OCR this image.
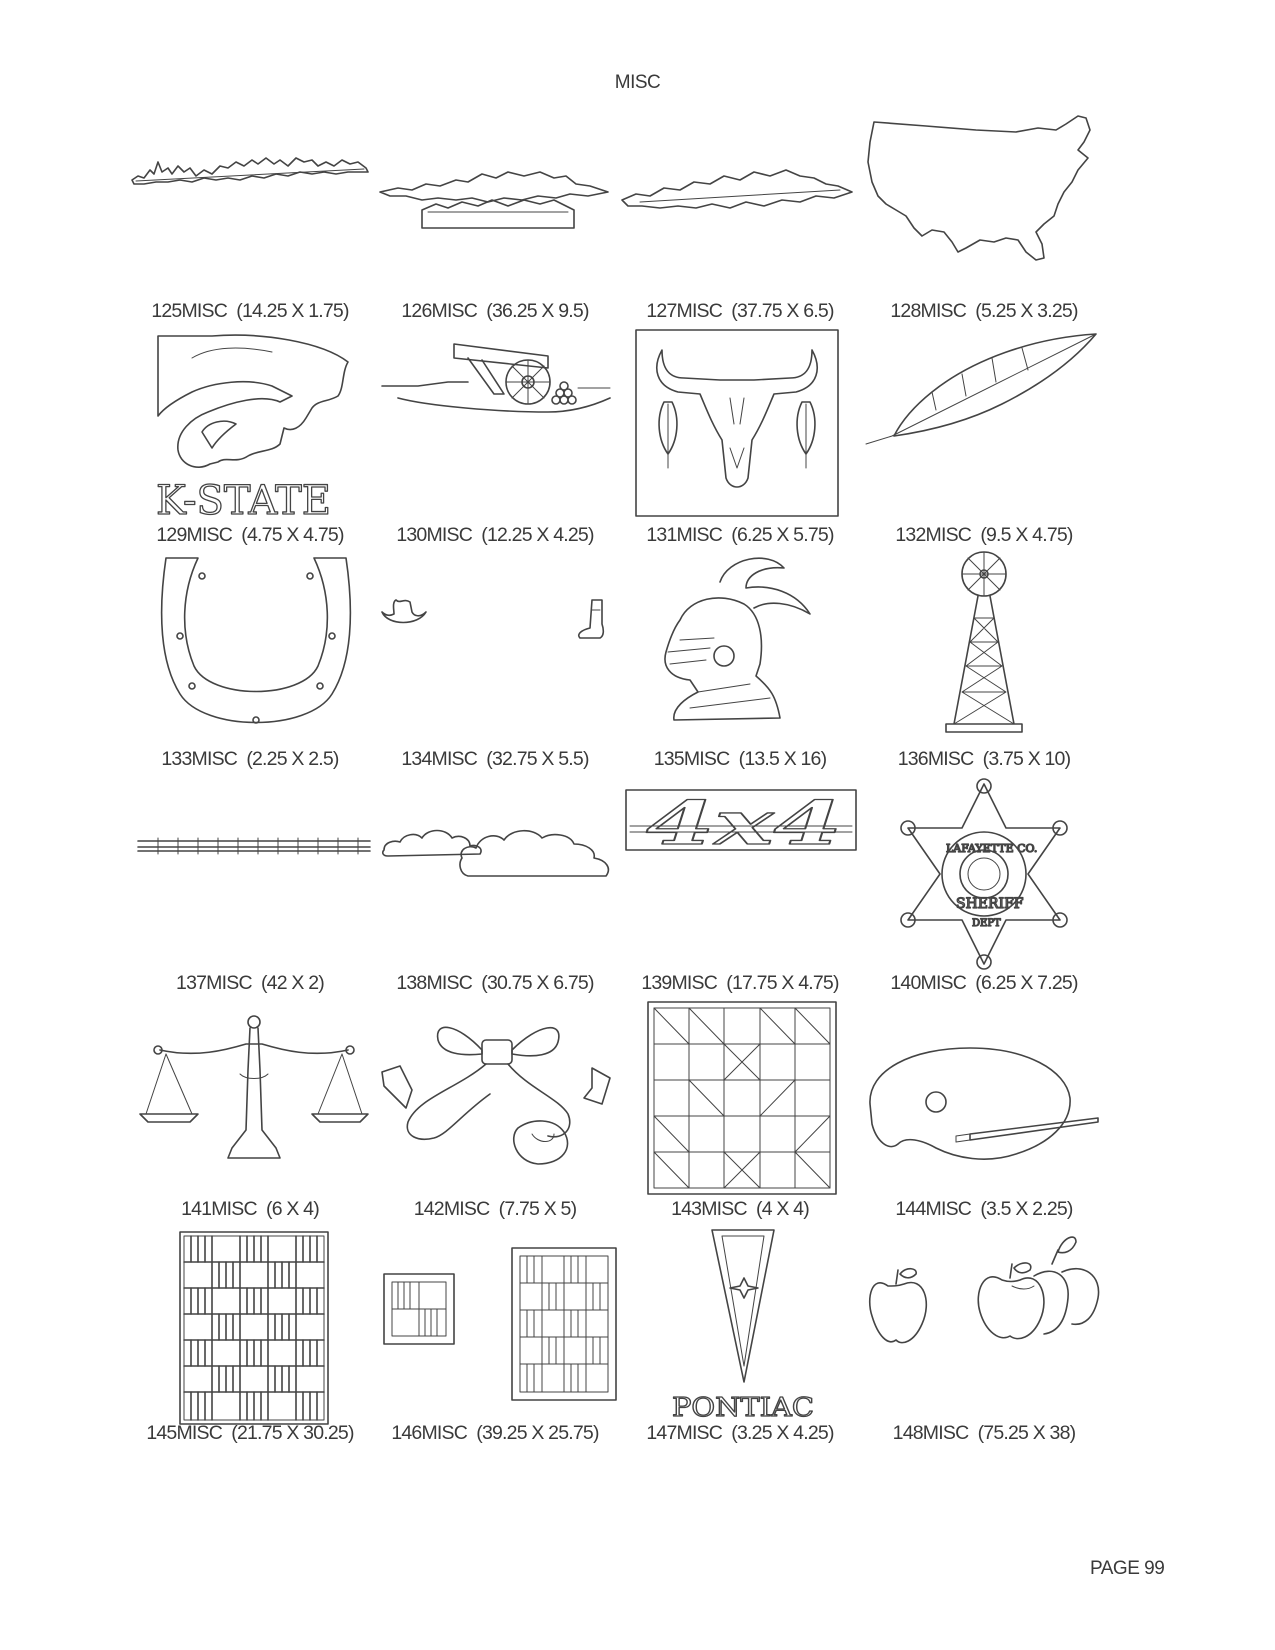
MISC
125MISC (14.25 X 1.75)	126MISC (36.25 X 9.5)	127MISC (37.75 X 6.5)	128MISC (5.25 X 3.25)
K-STATE
129MISC (4.75 X 4.75)	130MISC (12.25 X 4.25)	131MISC (6.25 X 5.75)	132MISC (9.5 X 4.75)
133MISC (2.25 X 2.5)	134MISC (32.75 X 5.5)	135MISC (13.5 X 16)	136MISC (3.75 X 10)
4x4	LAFAYETTE CO.
SHERIFF
DEPT
137MISC (42 X 2)	138MISC (30.75 X 6.75)	139MISC (17.75 X 4.75)	140MISC (6.25 X 7.25)
141MISC (6 X 4)	142MISC (7.75 X 5)	143MISC (4 X 4)	144MISC (3.5 X 2.25)
PONTIAC
145MISC (21.75 X 30.25)	146MISC (39.25 X 25.75)	147MISC (3.25 X 4.25)	148MISC (75.25 X 38)
PAGE 99
